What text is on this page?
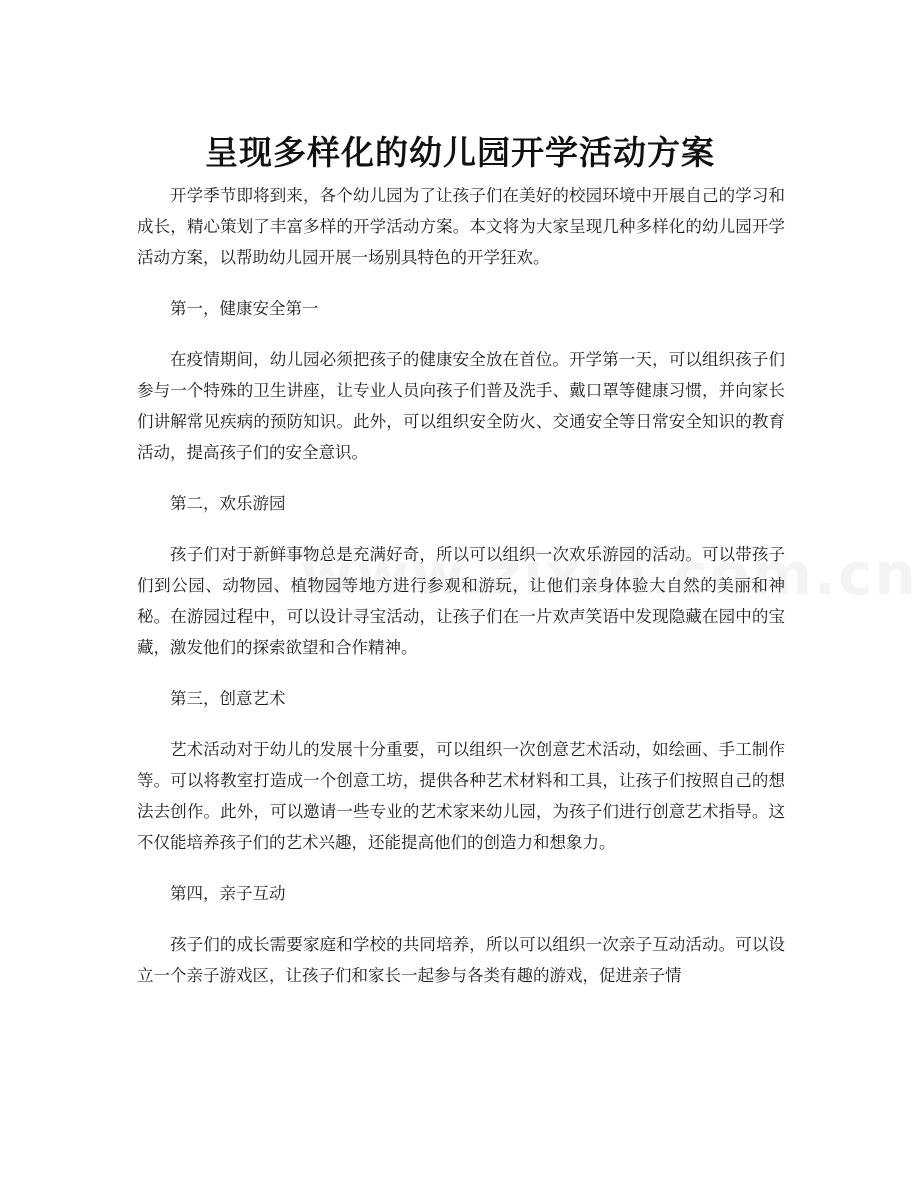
呈现多样化的幼儿园开学活动方案

开学季节即将到来，各个幼儿园为了让孩子们在美好的校园环境中开展自己的学习和成长，精心策划了丰富多样的开学活动方案。本文将为大家呈现几种多样化的幼儿园开学活动方案，以帮助幼儿园开展一场别具特色的开学狂欢。

第一，健康安全第一

在疫情期间，幼儿园必须把孩子的健康安全放在首位。开学第一天，可以组织孩子们参与一个特殊的卫生讲座，让专业人员向孩子们普及洗手、戴口罩等健康习惯，并向家长们讲解常见疾病的预防知识。此外，可以组织安全防火、交通安全等日常安全知识的教育活动，提高孩子们的安全意识。

第二，欢乐游园

孩子们对于新鲜事物总是充满好奇，所以可以组织一次欢乐游园的活动。可以带孩子们到公园、动物园、植物园等地方进行参观和游玩，让他们亲身体验大自然的美丽和神秘。在游园过程中，可以设计寻宝活动，让孩子们在一片欢声笑语中发现隐藏在园中的宝藏，激发他们的探索欲望和合作精神。

第三，创意艺术

艺术活动对于幼儿的发展十分重要，可以组织一次创意艺术活动，如绘画、手工制作等。可以将教室打造成一个创意工坊，提供各种艺术材料和工具，让孩子们按照自己的想法去创作。此外，可以邀请一些专业的艺术家来幼儿园，为孩子们进行创意艺术指导。这不仅能培养孩子们的艺术兴趣，还能提高他们的创造力和想象力。

第四，亲子互动

孩子们的成长需要家庭和学校的共同培养，所以可以组织一次亲子互动活动。可以设立一个亲子游戏区，让孩子们和家长一起参与各类有趣的游戏，促进亲子情
